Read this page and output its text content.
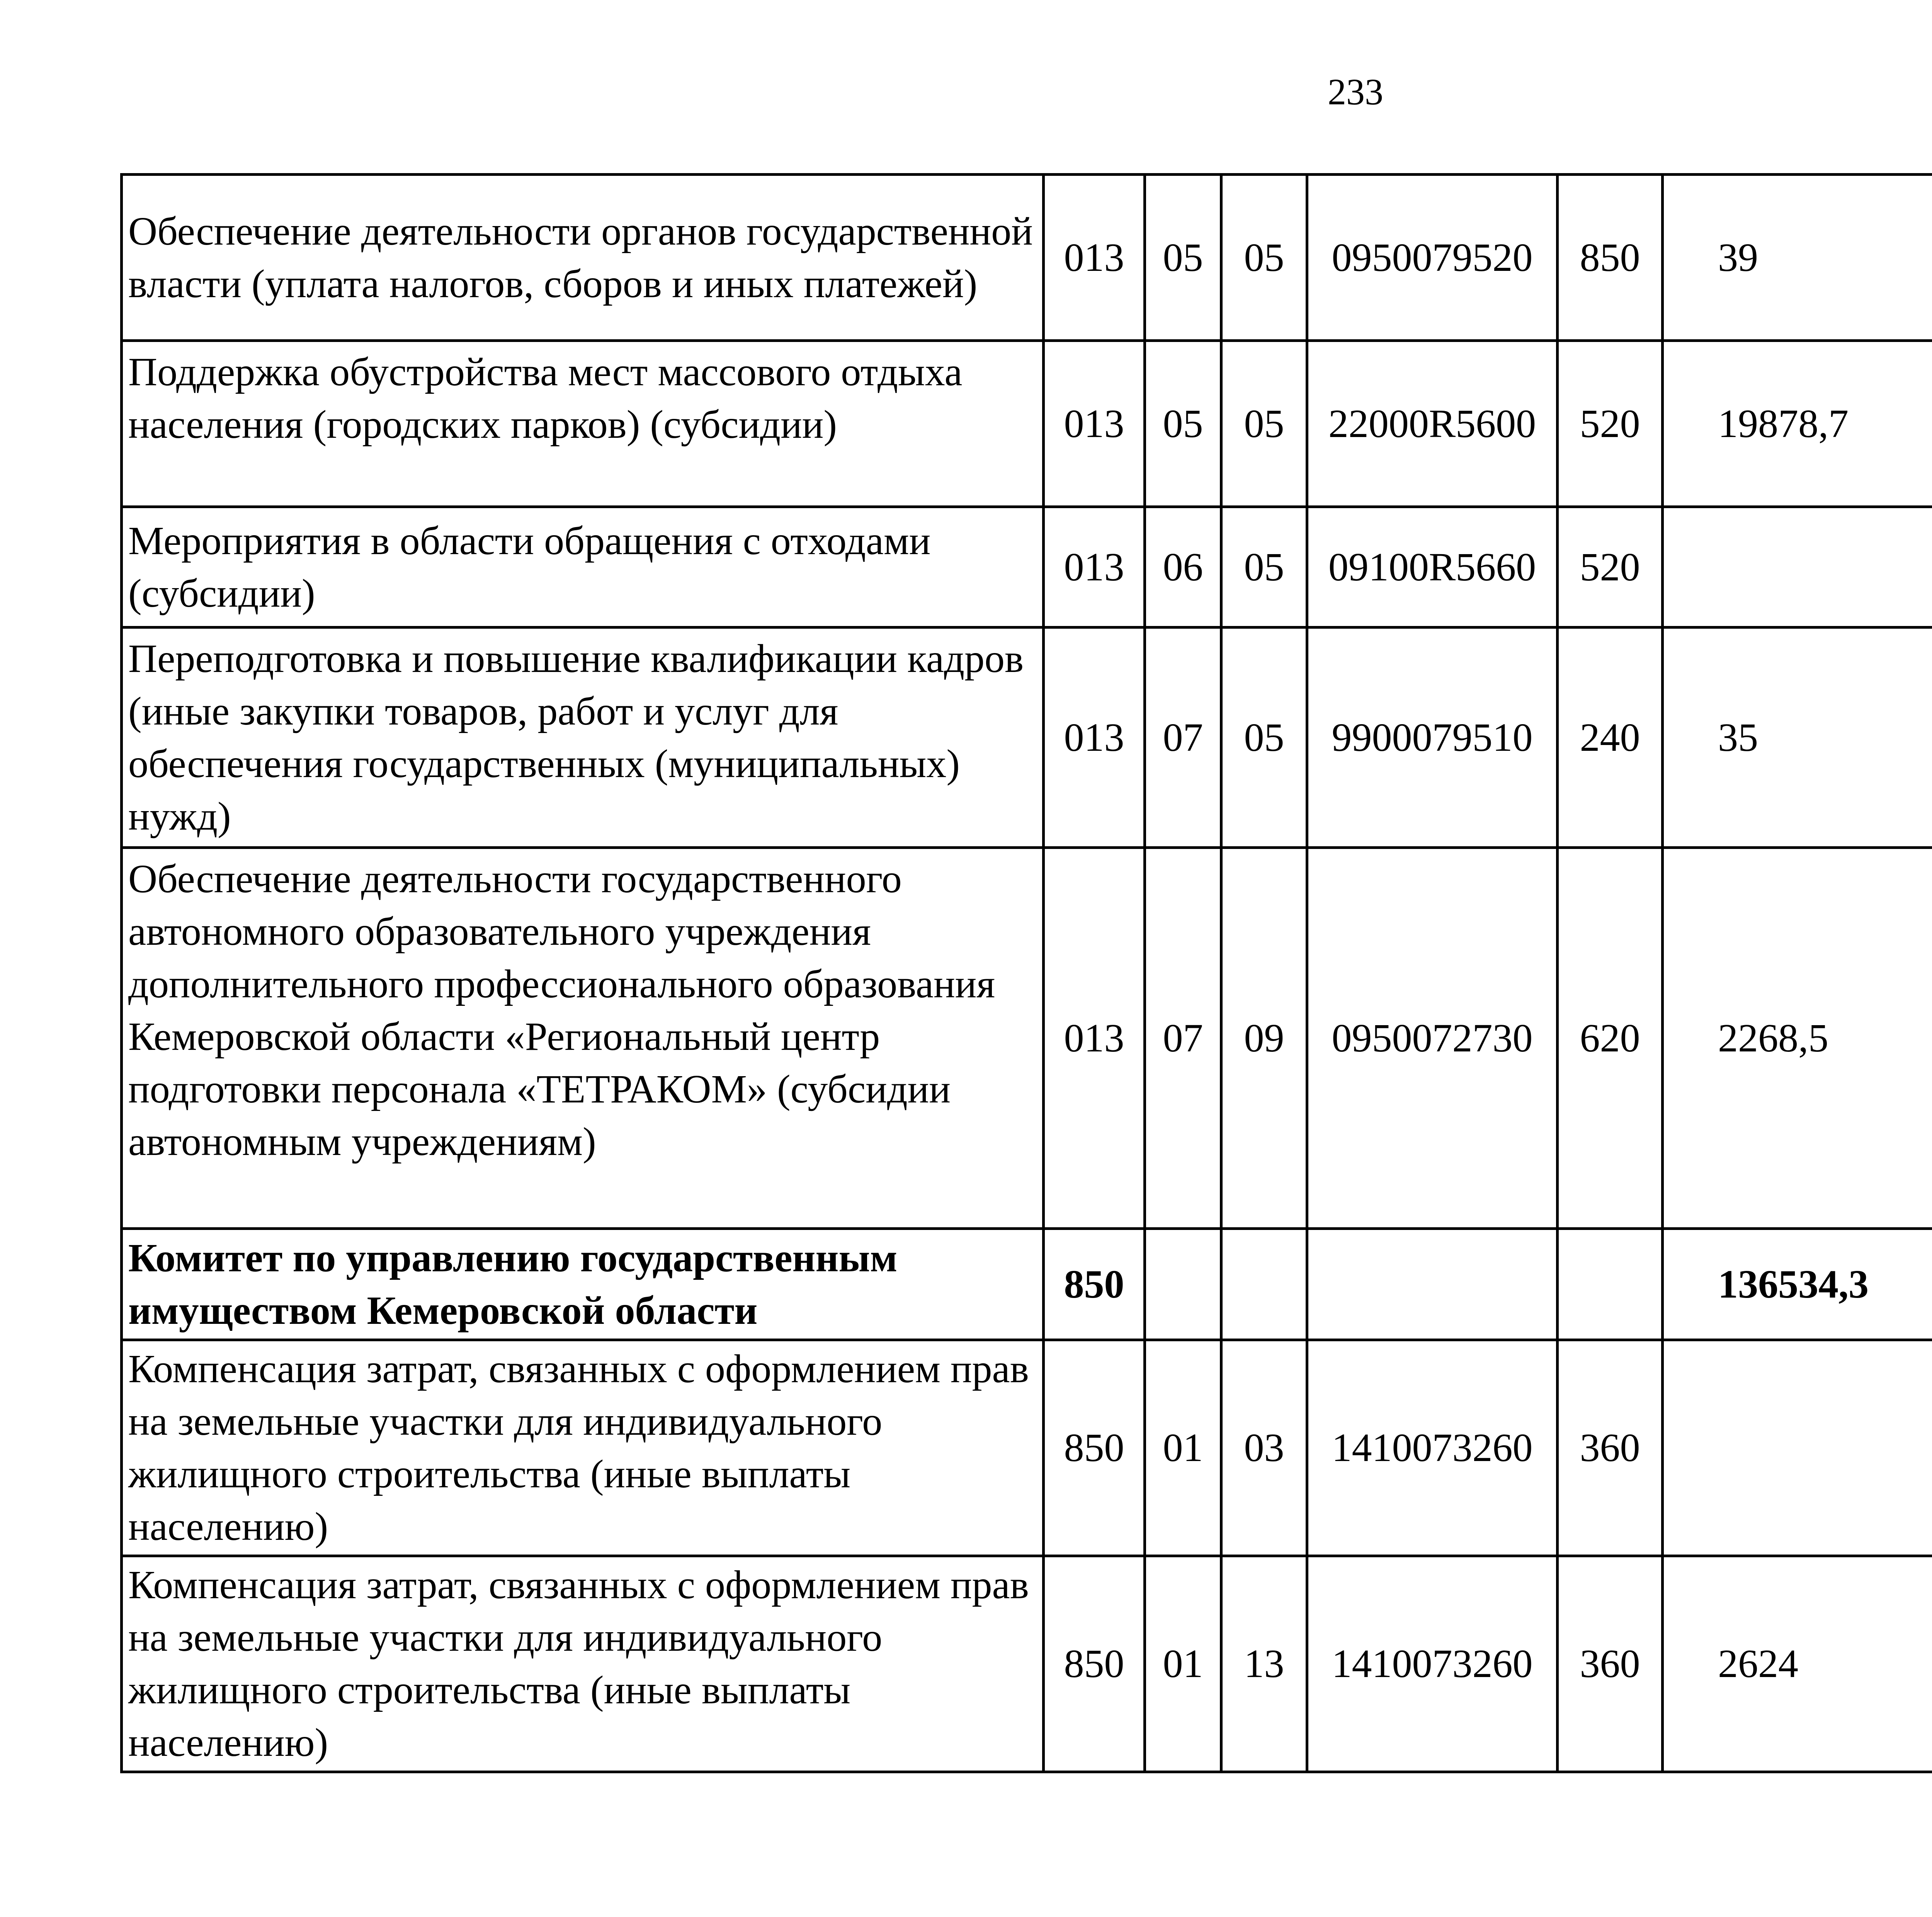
233
Обеспечение деятельности органов государственной власти (уплата налогов, сборов и иных платежей)	013	05	05	0950079520	850	39		
Поддержка обустройства мест массового отдыха населения (городских парков) (субсидии)	013	05	05	22000R5600	520	19878,7		
Мероприятия в области обращения с отходами (субсидии)	013	06	05	09100R5660	520			
Переподготовка и повышение квалификации кадров (иные закупки товаров, работ и услуг для обеспечения государственных (муниципальных) нужд)	013	07	05	9900079510	240	35		
Обеспечение деятельности государственного автономного образовательного учреждения дополнительного профессионального образования Кемеровской области «Региональный центр подготовки персонала «ТЕТРАКОМ» (субсидии автономным учреждениям)	013	07	09	0950072730	620	2268,5		
Комитет по управлению государственным имуществом Кемеровской области	850					136534,3		
Компенсация затрат, связанных с оформлением прав на земельные участки для индивидуального жилищного строительства (иные выплаты населению)	850	01	03	1410073260	360			
Компенсация затрат, связанных с оформлением прав на земельные участки для индивидуального жилищного строительства (иные выплаты населению)	850	01	13	1410073260	360	2624		
